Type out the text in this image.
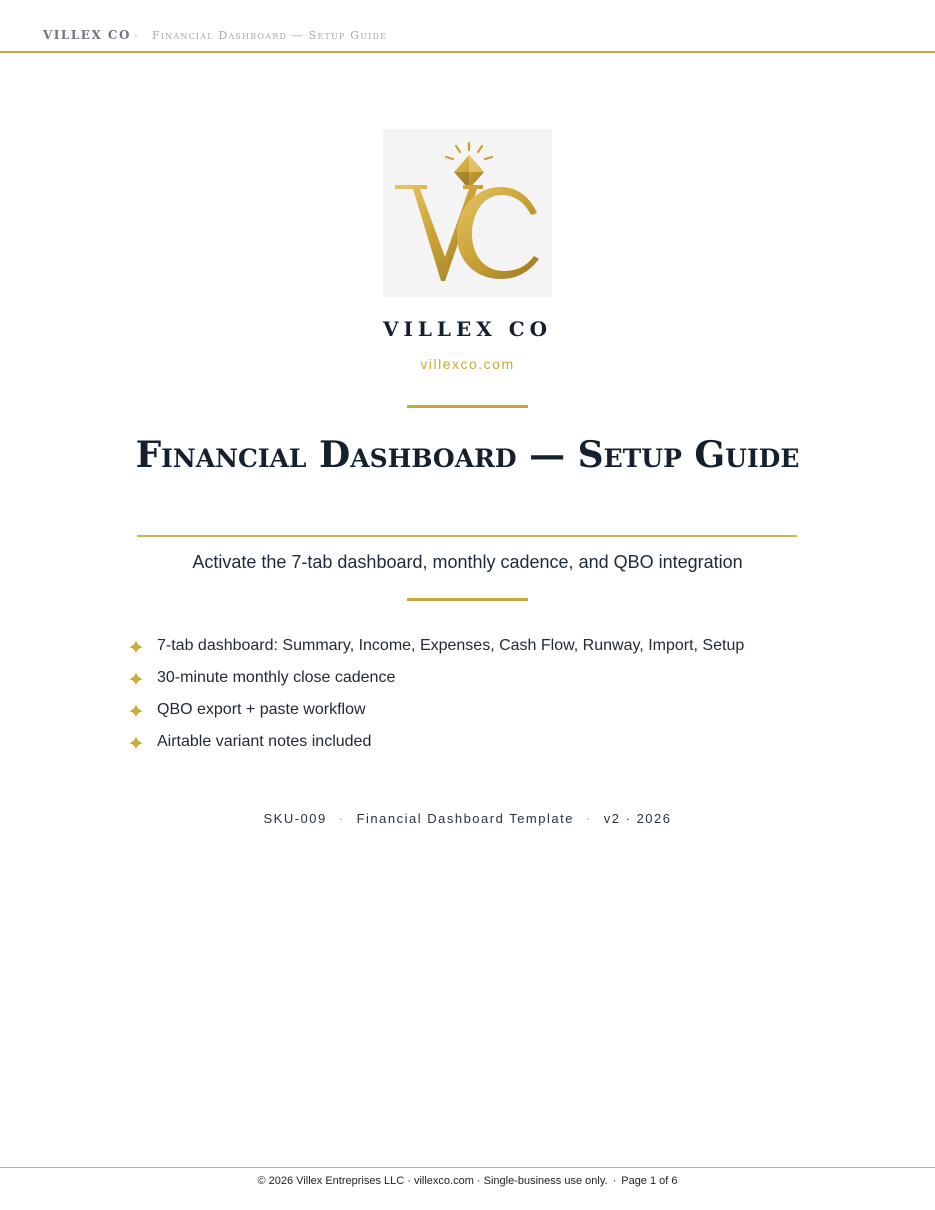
VILLEX CO · Financial Dashboard — Setup Guide
VILLEX CO
villexco.com
Financial Dashboard — Setup Guide
Activate the 7-tab dashboard, monthly cadence, and QBO integration
7-tab dashboard: Summary, Income, Expenses, Cash Flow, Runway, Import, Setup
30-minute monthly close cadence
QBO export + paste workflow
Airtable variant notes included
SKU-009 · Financial Dashboard Template · v2 · 2026
© 2026 Villex Entreprises LLC · villexco.com · Single-business use only. · Page 1 of 6
